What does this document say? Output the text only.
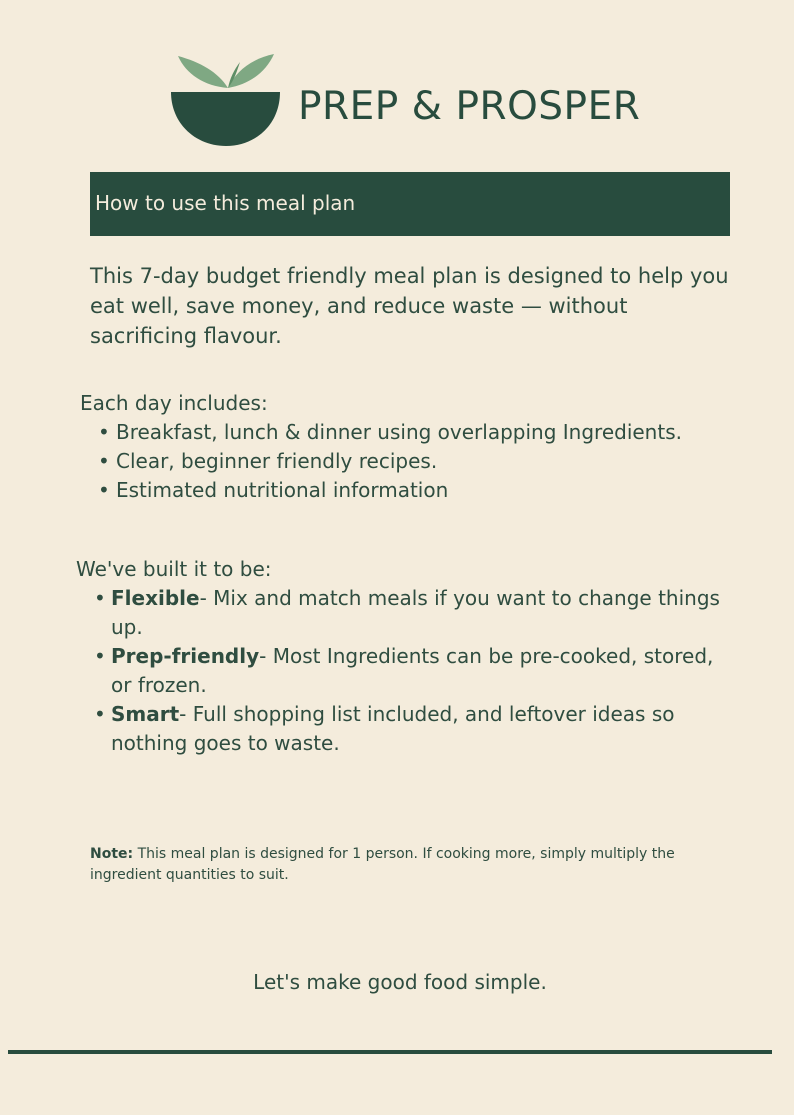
PREP & PROSPER
How to use this meal plan
This 7-day budget friendly meal plan is designed to help you eat well, save money, and reduce waste — without sacrificing flavour.
Each day includes:
• Breakfast, lunch & dinner using overlapping Ingredients.
• Clear, beginner friendly recipes.
• Estimated nutritional information
We've built it to be:
• Flexible- Mix and match meals if you want to change things up.
• Prep-friendly- Most Ingredients can be pre-cooked, stored, or frozen.
• Smart- Full shopping list included, and leftover ideas so nothing goes to waste.
Note: This meal plan is designed for 1 person. If cooking more, simply multiply the ingredient quantities to suit.
Let's make good food simple.
